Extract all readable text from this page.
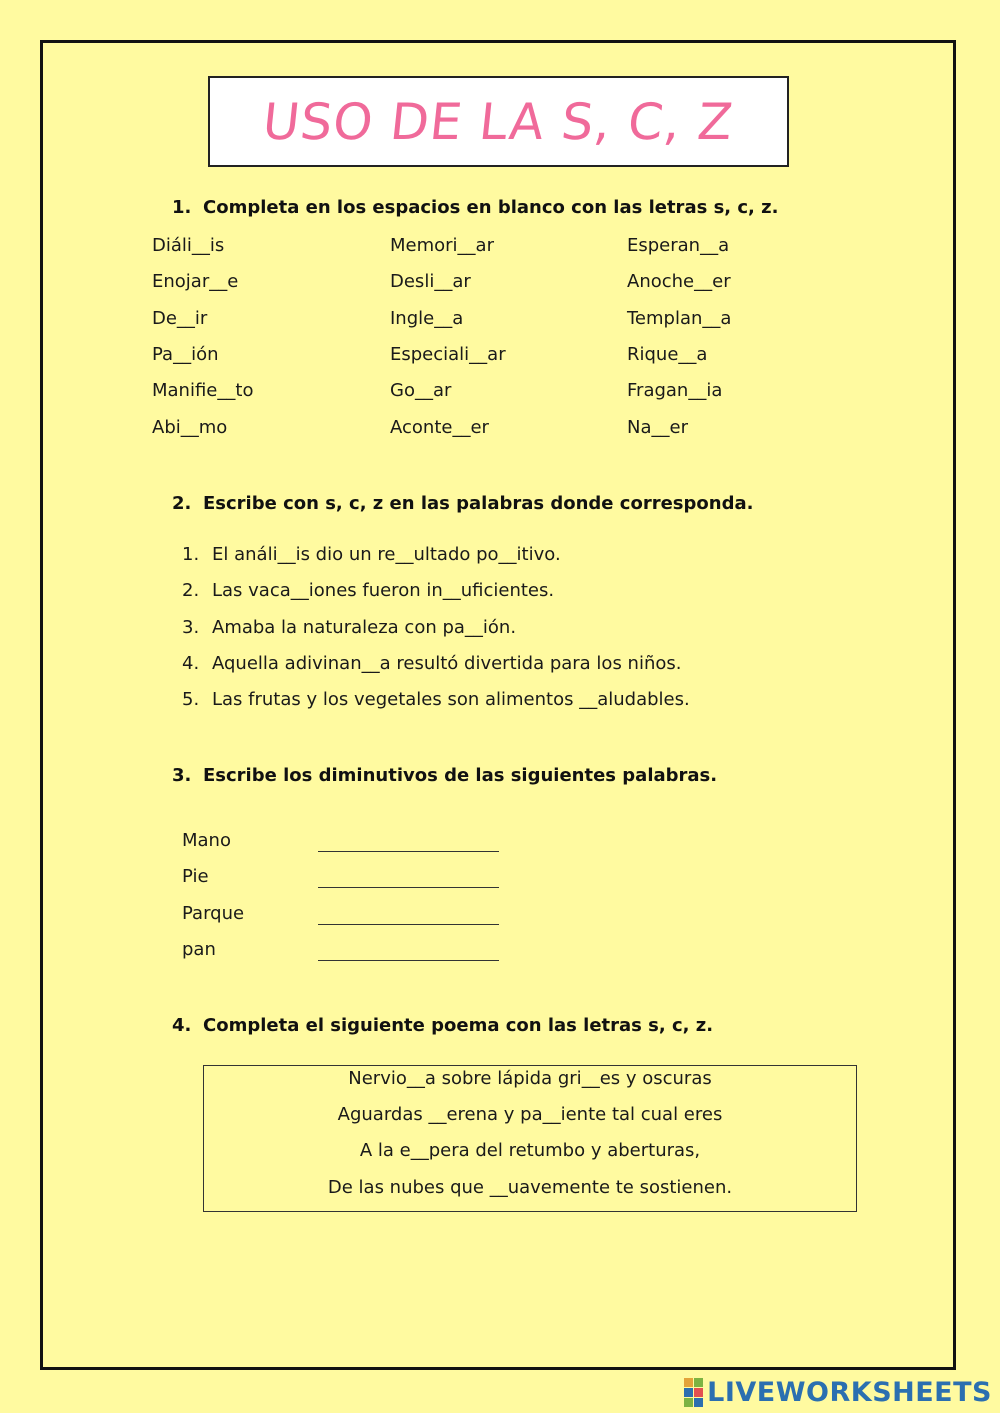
USO DE LA S, C, Z
1. Completa en los espacios en blanco con las letras s, c, z.
Diáli__is
Enojar__e
De__ir
Pa__ión
Manifie__to
Abi__mo
Memori__ar
Desli__ar
Ingle__a
Especiali__ar
Go__ar
Aconte__er
Esperan__a
Anoche__er
Templan__a
Rique__a
Fragan__ia
Na__er
2. Escribe con s, c, z en las palabras donde corresponda.
1. El análi__is dio un re__ultado po__itivo.
2. Las vaca__iones fueron in__uficientes.
3. Amaba la naturaleza con pa__ión.
4. Aquella adivinan__a resultó divertida para los niños.
5. Las frutas y los vegetales son alimentos __aludables.
3. Escribe los diminutivos de las siguientes palabras.
Mano
Pie
Parque
pan
4. Completa el siguiente poema con las letras s, c, z.
Nervio__a sobre lápida gri__es y oscuras
Aguardas __erena y pa__iente tal cual eres
A la e__pera del retumbo y aberturas,
De las nubes que __uavemente te sostienen.
LIVEWORKSHEETS
